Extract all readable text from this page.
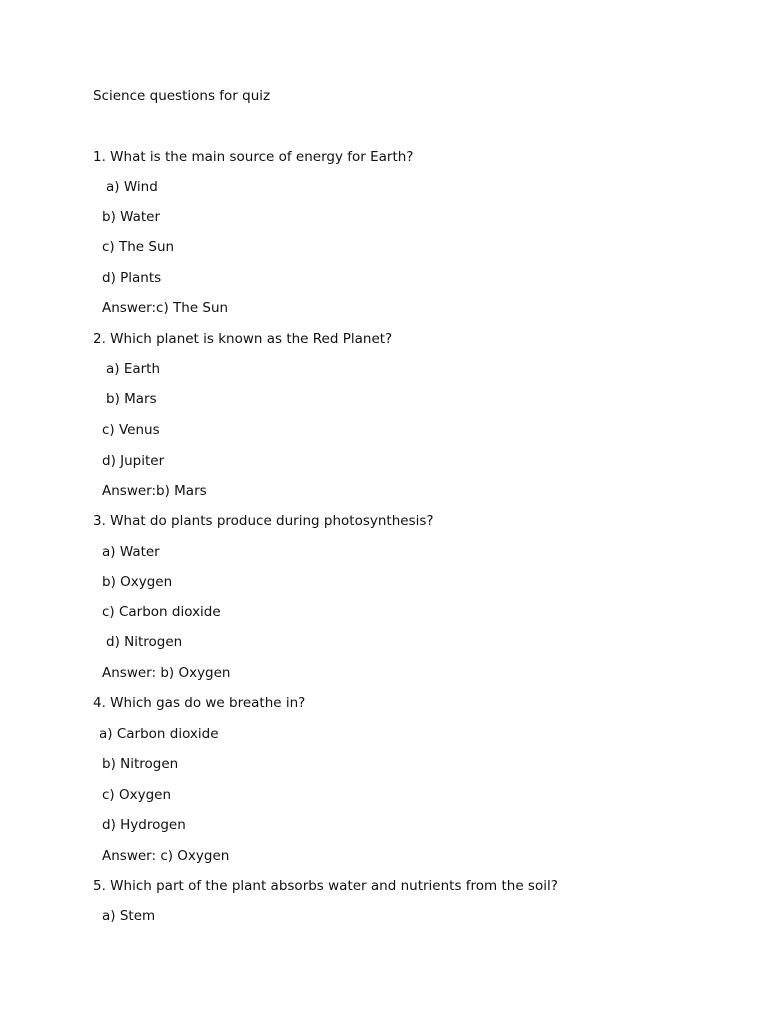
Science questions for quiz
1. What is the main source of energy for Earth?
a) Wind
b) Water
c) The Sun
d) Plants
Answer:c) The Sun
2. Which planet is known as the Red Planet?
a) Earth
b) Mars
c) Venus
d) Jupiter
Answer:b) Mars
3. What do plants produce during photosynthesis?
a) Water
b) Oxygen
c) Carbon dioxide
d) Nitrogen
Answer: b) Oxygen
4. Which gas do we breathe in?
a) Carbon dioxide
b) Nitrogen
c) Oxygen
d) Hydrogen
Answer: c) Oxygen
5. Which part of the plant absorbs water and nutrients from the soil?
a) Stem
